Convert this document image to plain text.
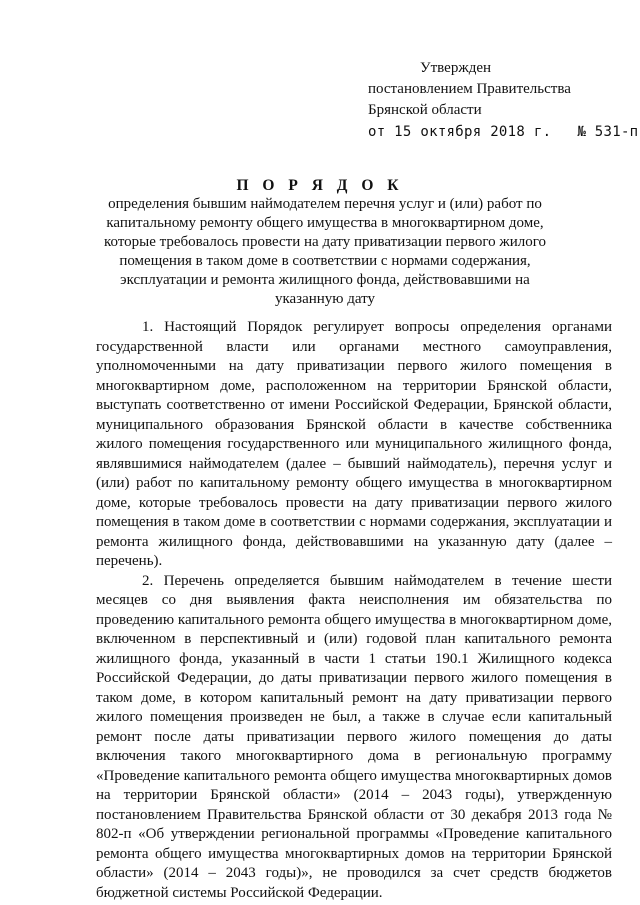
Утвержден
постановлением Правительства
Брянской области
от 15 октября 2018 г. № 531-п
П О Р Я Д О К
определения бывшим наймодателем перечня услуг и (или) работ по капитальному ремонту общего имущества в многоквартирном доме, которые требовалось провести на дату приватизации первого жилого помещения в таком доме в соответствии с нормами содержания, эксплуатации и ремонта жилищного фонда, действовавшими на указанную дату

1. Настоящий Порядок регулирует вопросы определения органами государственной власти или органами местного самоуправления, уполномоченными на дату приватизации первого жилого помещения в многоквартирном доме, расположенном на территории Брянской области, выступать соответственно от имени Российской Федерации, Брянской области, муниципального образования Брянской области в качестве собственника жилого помещения государственного или муниципального жилищного фонда, являвшимися наймодателем (далее – бывший наймодатель), перечня услуг и (или) работ по капитальному ремонту общего имущества в многоквартирном доме, которые требовалось провести на дату приватизации первого жилого помещения в таком доме в соответствии с нормами содержания, эксплуатации и ремонта жилищного фонда, действовавшими на указанную дату (далее – перечень).

2. Перечень определяется бывшим наймодателем в течение шести месяцев со дня выявления факта неисполнения им обязательства по проведению капитального ремонта общего имущества в многоквартирном доме, включенном в перспективный и (или) годовой план капитального ремонта жилищного фонда, указанный в части 1 статьи 190.1 Жилищного кодекса Российской Федерации, до даты приватизации первого жилого помещения в таком доме, в котором капитальный ремонт на дату приватизации первого жилого помещения произведен не был, а также в случае если капитальный ремонт после даты приватизации первого жилого помещения до даты включения такого многоквартирного дома в региональную программу «Проведение капитального ремонта общего имущества многоквартирных домов на территории Брянской области» (2014 – 2043 годы), утвержденную постановлением Правительства Брянской области от 30 декабря 2013 года № 802-п «Об утверждении региональной программы «Проведение капитального ремонта общего имущества многоквартирных домов на территории Брянской области» (2014 – 2043 годы)», не проводился за счет средств бюджетов бюджетной системы Российской Федерации.
